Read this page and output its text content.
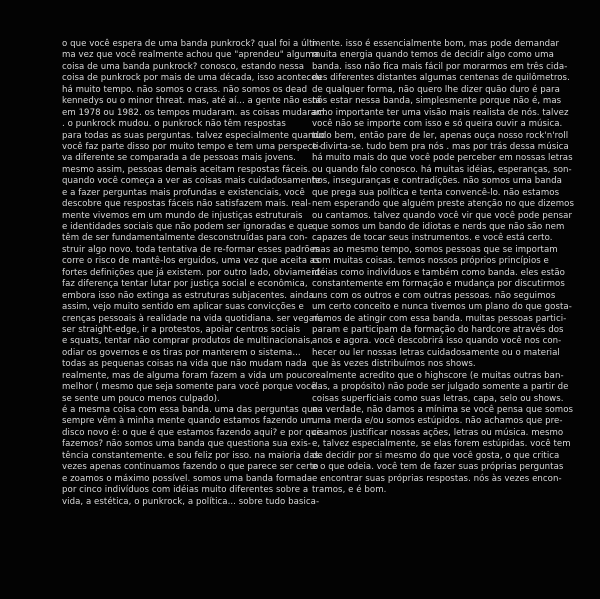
o que você espera de uma banda punkrock? qual foi a últi-
ma vez que você realmente achou que "aprendeu" alguma
coisa de uma banda punkrock? conosco, estando nessa
coisa de punkrock por mais de uma década, isso aconteceu
há muito tempo. não somos o crass. não somos os dead
kennedys ou o minor threat. mas, até aí... a gente não está
em 1978 ou 1982. os tempos mudaram. as coisas mudaram.
. o punkrock mudou. o punkrock não têm respostas
para todas as suas perguntas. talvez especialmente quando
você faz parte disso por muito tempo e tem uma perspecti-
va diferente se comparada a de pessoas mais jovens.
mesmo assim, pessoas demais aceitam respostas fáceis.
quando você começa a ver as coisas mais cuidadosamente
e a fazer perguntas mais profundas e existenciais, você
descobre que respostas fáceis não satisfazem mais. real-
mente vivemos em um mundo de injustiças estruturais
e identidades sociais que não podem ser ignoradas e que
têm de ser fundamentalmente desconstruídas para con-
struir algo novo. toda tentativa de re-formar esses padrões
corre o risco de mantê-los erguidos, uma vez que aceita as
fortes definições que já existem. por outro lado, obviamente
faz diferença tentar lutar por justiça social e econômica,
embora isso não extinga as estruturas subjacentes. ainda
assim, vejo muito sentido em aplicar suas convicções e
crenças pessoais à realidade na vida quotidiana. ser vegan,
ser straight-edge, ir a protestos, apoiar centros sociais
e squats, tentar não comprar produtos de multinacionais,
odiar os governos e os tiras por manterem o sistema...
todas as pequenas coisas na vida que não mudam nada
realmente, mas de alguma foram fazem a vida um pouco
melhor ( mesmo que seja somente para você porque você
se sente um pouco menos culpado).
é a mesma coisa com essa banda. uma das perguntas que
sempre vêm à minha mente quando estamos fazendo um
disco novo é: o que é que estamos fazendo aqui? e por que
fazemos? não somos uma banda que questiona sua exis-
tência constantemente. e sou feliz por isso. na maioria das
vezes apenas continuamos fazendo o que parece ser certo
e zoamos o máximo possível. somos uma banda formada
por cinco indivíduos com idéias muito diferentes sobre a
vida, a estética, o punkrock, a política... sobre tudo basica-
mente. isso é essencialmente bom, mas pode demandar
muita energia quando temos de decidir algo como uma
banda. isso não fica mais fácil por morarmos em três cida-
des diferentes distantes algumas centenas de quilômetros.
de qualquer forma, não quero lhe dizer quão duro é para
nós estar nessa banda, simplesmente porque não é, mas
acho importante ter uma visão mais realista de nós. talvez
você não se importe com isso e só queira ouvir a música.
tudo bem, então pare de ler, apenas ouça nosso rock'n'roll
e divirta-se. tudo bem pra nós . mas por trás dessa música
há muito mais do que você pode perceber em nossas letras
ou quando falo conosco. há muitas idéias, esperanças, son-
hos, inseguranças e contradições. não somos uma banda
que prega sua política e tenta convencê-lo. não estamos
nem esperando que alguém preste atenção no que dizemos
ou cantamos. talvez quando você vir que você pode pensar
que somos um bando de idiotas e nerds que não são nem
capazes de tocar seus instrumentos. e você está certo.
mas ao mesmo tempo, somos pessoas que se importam
com muitas coisas. temos nossos próprios princípios e
idéias como indivíduos e também como banda. eles estão
constantemente em formação e mudança por discutirmos
uns com os outros e com outras pessoas. não seguimos
um certo conceito e nunca tivemos um plano do que gosta-
ríamos de atingir com essa banda. muitas pessoas partici-
param e participam da formação do hardcore através dos
anos e agora. você descobrirá isso quando você nos con-
hecer ou ler nossas letras cuidadosamente ou o material
que às vezes distribuímos nos shows.
realmente acredito que o highscore (e muitas outras ban-
das, a propósito) não pode ser julgado somente a partir de
coisas superficiais como suas letras, capa, selo ou shows.
na verdade, não damos a mínima se você pensa que somos
uma merda e/ou somos estúpidos. não achamos que pre-
cisamos justificar nossas ações, letras ou música. mesmo
e, talvez especialmente, se elas forem estúpidas. você tem
de decidir por si mesmo do que você gosta, o que critica
e o que odeia. você tem de fazer suas próprias perguntas
e encontrar suas próprias respostas. nós às vezes encon-
tramos, e é bom.
